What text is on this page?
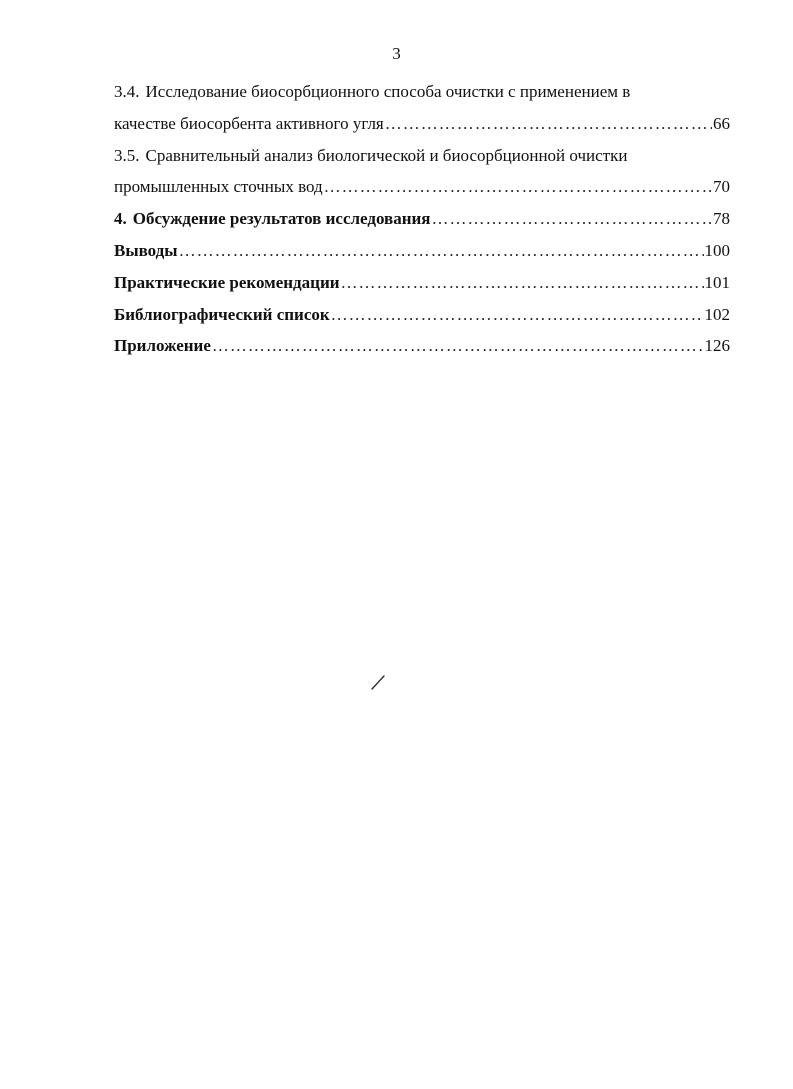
3
3.4. Исследование биосорбционного способа очистки с применением в
качестве биосорбента активного угля ………………………………………………………………………………………………………………………………………………………………………………………………………………	66
3.5. Сравнительный анализ биологической и биосорбционной очистки
промышленных сточных вод ………………………………………………………………………………………………………………………………………………………………………………………………………………	70
4. Обсуждение результатов исследования ………………………………………………………………………………………………………………………………………………………………………………………………………………	78
Выводы ………………………………………………………………………………………………………………………………………………………………………………………………………………	100
Практические рекомендации ………………………………………………………………………………………………………………………………………………………………………………………………………………	101
Библиографический список ………………………………………………………………………………………………………………………………………………………………………………………………………………	102
Приложение ………………………………………………………………………………………………………………………………………………………………………………………………………………	126
